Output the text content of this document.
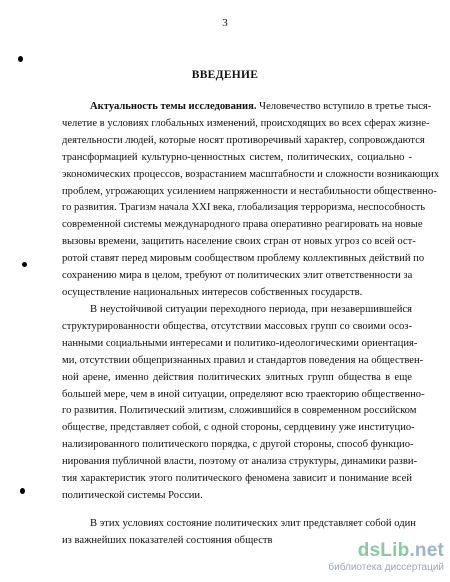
3
ВВЕДЕНИЕ
Актуальность темы исследования. Человечество вступило в третье тыся-
челетие в условиях глобальных изменений, происходящих во всех сферах жизне-
деятельности людей, которые носят противоречивый характер, сопровождаются
трансформацией культурно-ценностных систем, политических, социально -
экономических процессов, возрастанием масштабности и сложности возникающих
проблем, угрожающих усилением напряженности и нестабильности общественно-
го развития. Трагизм начала XXI века, глобализация терроризма, неспособность
современной системы международного права оперативно реагировать на новые
вызовы времени, защитить население своих стран от новых угроз со всей ост-
ротой ставят перед мировым сообществом проблему коллективных действий по
сохранению мира в целом, требуют от политических элит ответственности за
осуществление национальных интересов собственных государств.
В неустойчивой ситуации переходного периода, при незавершившейся
структурированности общества, отсутствии массовых групп со своими осоз-
нанными социальными интересами и политико-идеологическими ориентация-
ми, отсутствии общепризнанных правил и стандартов поведения на обществен-
ной арене, именно действия политических элитных групп общества в еще
большей мере, чем в иной ситуации, определяют всю траекторию общественно-
го развития. Политический элитизм, сложившийся в современном российском
обществе, представляет собой, с одной стороны, сердцевину уже институцио-
нализированного политического порядка, с другой стороны, способ функцио-
нирования публичной власти, поэтому от анализа структуры, динамики разви-
тия характеристик этого политического феномена зависит и понимание всей
политической системы России.
В этих условиях состояние политических элит представляет собой один
из важнейших показателей состояния обществ	dsLib.net
библиотека диссертаций
